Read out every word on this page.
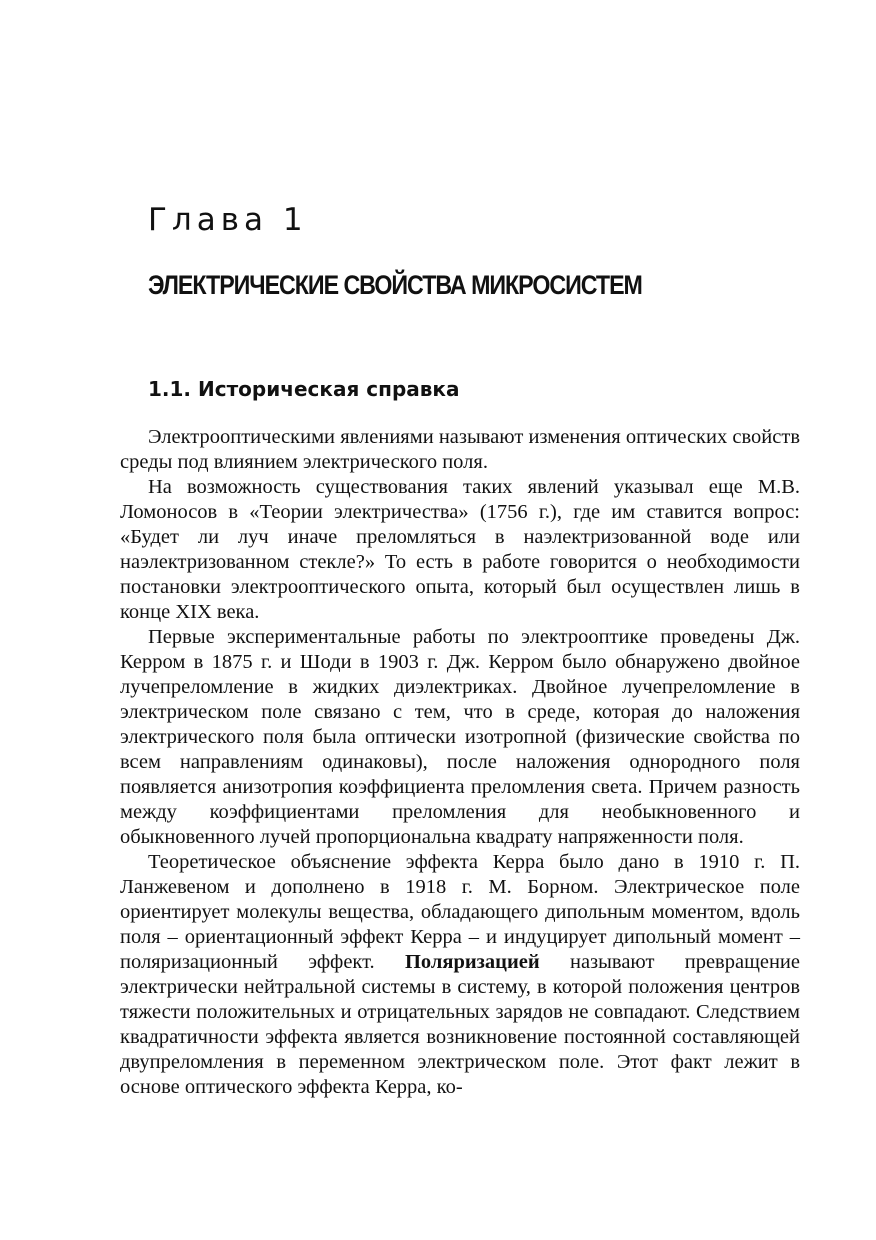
Глава 1
ЭЛЕКТРИЧЕСКИЕ СВОЙСТВА МИКРОСИСТЕМ
1.1. Историческая справка

Электрооптическими явлениями называют изменения оптических свойств среды под влиянием электрического поля.

На возможность существования таких явлений указывал еще М.В. Ломоносов в «Теории электричества» (1756 г.), где им ставится вопрос: «Будет ли луч иначе преломляться в наэлектризованной воде или наэлектризованном стекле?» То есть в работе говорится о необходимости постановки электрооптического опыта, который был осуществлен лишь в конце XIX века.

Первые экспериментальные работы по электрооптике проведены Дж. Керром в 1875 г. и Шоди в 1903 г. Дж. Керром было обнаружено двойное лучепреломление в жидких диэлектриках. Двойное лучепреломление в электрическом поле связано с тем, что в среде, которая до наложения электрического поля была оптически изотропной (физические свойства по всем направлениям одинаковы), после наложения однородного поля появляется анизотропия коэффициента преломления света. Причем разность между коэффициентами преломления для необыкновенного и обыкновенного лучей пропорциональна квадрату напряженности поля.

Теоретическое объяснение эффекта Керра было дано в 1910 г. П. Ланжевеном и дополнено в 1918 г. М. Борном. Электрическое поле ориентирует молекулы вещества, обладающего дипольным моментом, вдоль поля – ориентационный эффект Керра – и индуцирует дипольный момент – поляризационный эффект. Поляризацией называют превращение электрически нейтральной системы в систему, в которой положения центров тяжести положительных и отрицательных зарядов не совпадают. Следствием квадратичности эффекта является возникновение постоянной составляющей двупреломления в переменном электрическом поле. Этот факт лежит в основе оптического эффекта Керра, ко-
